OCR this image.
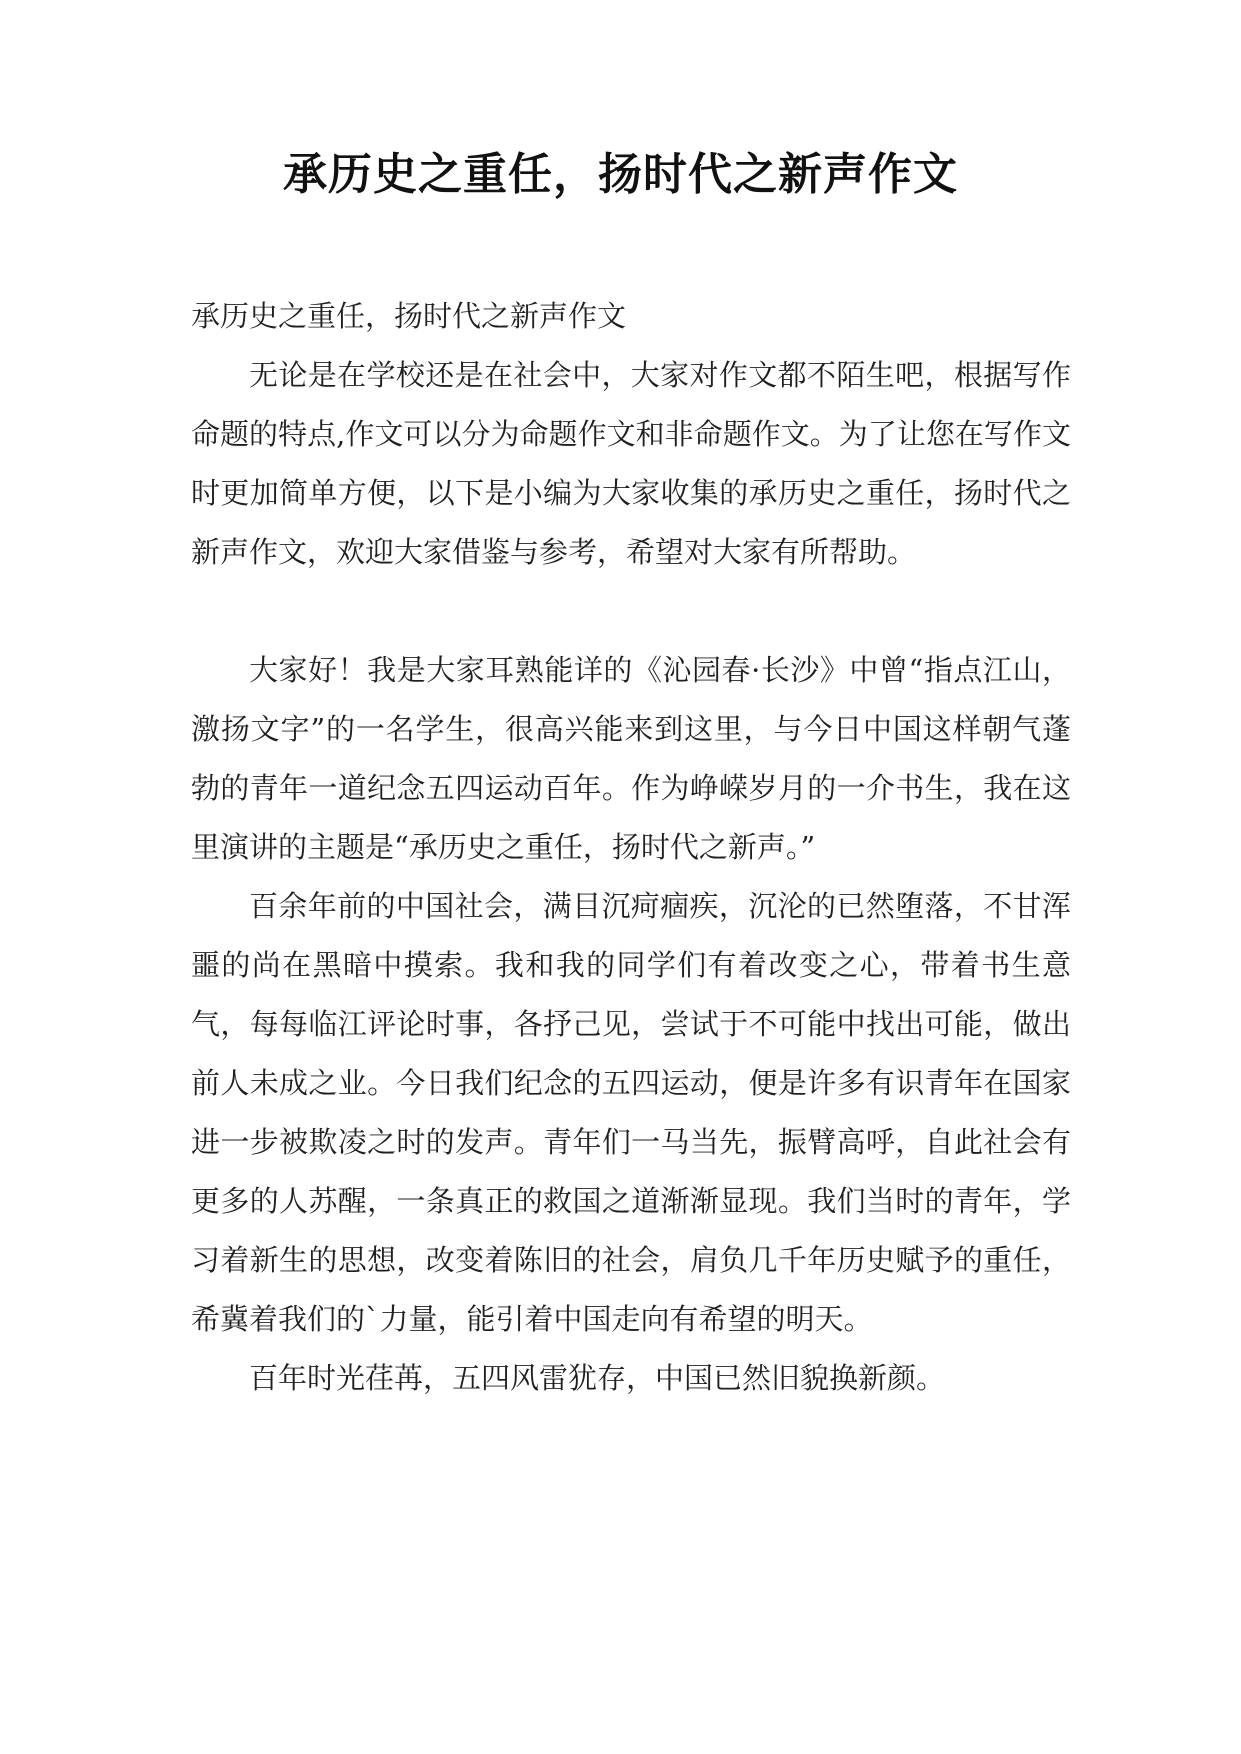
承历史之重任，扬时代之新声作文

承历史之重任，扬时代之新声作文

无论是在学校还是在社会中，大家对作文都不陌生吧，根据写作命题的特点,作文可以分为命题作文和非命题作文。为了让您在写作文时更加简单方便，以下是小编为大家收集的承历史之重任，扬时代之新声作文，欢迎大家借鉴与参考，希望对大家有所帮助。

大家好！我是大家耳熟能详的《沁园春·长沙》中曾“指点江山，激扬文字”的一名学生，很高兴能来到这里，与今日中国这样朝气蓬勃的青年一道纪念五四运动百年。作为峥嵘岁月的一介书生，我在这里演讲的主题是“承历史之重任，扬时代之新声。”

百余年前的中国社会，满目沉疴痼疾，沉沦的已然堕落，不甘浑噩的尚在黑暗中摸索。我和我的同学们有着改变之心，带着书生意气，每每临江评论时事，各抒己见，尝试于不可能中找出可能，做出前人未成之业。今日我们纪念的五四运动，便是许多有识青年在国家进一步被欺凌之时的发声。青年们一马当先，振臂高呼，自此社会有更多的人苏醒，一条真正的救国之道渐渐显现。我们当时的青年，学习着新生的思想，改变着陈旧的社会，肩负几千年历史赋予的重任，希冀着我们的`力量，能引着中国走向有希望的明天。

百年时光荏苒，五四风雷犹存，中国已然旧貌换新颜。
